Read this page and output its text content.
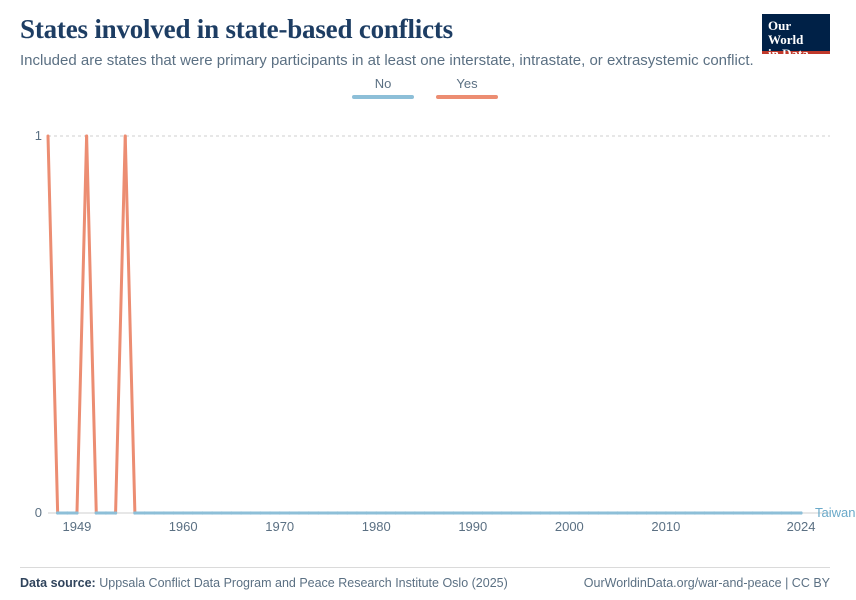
States involved in state-based conflicts

Included are states that were primary participants in at least one interstate, intrastate, or extrasystemic conflict.

Our World
in Data
No	Yes
0
1
1949	1960	1970	1980	1990	2000	2010	2024
Taiwan
Data source: Uppsala Conflict Data Program and Peace Research Institute Oslo (2025)	OurWorldinData.org/war-and-peace | CC BY
